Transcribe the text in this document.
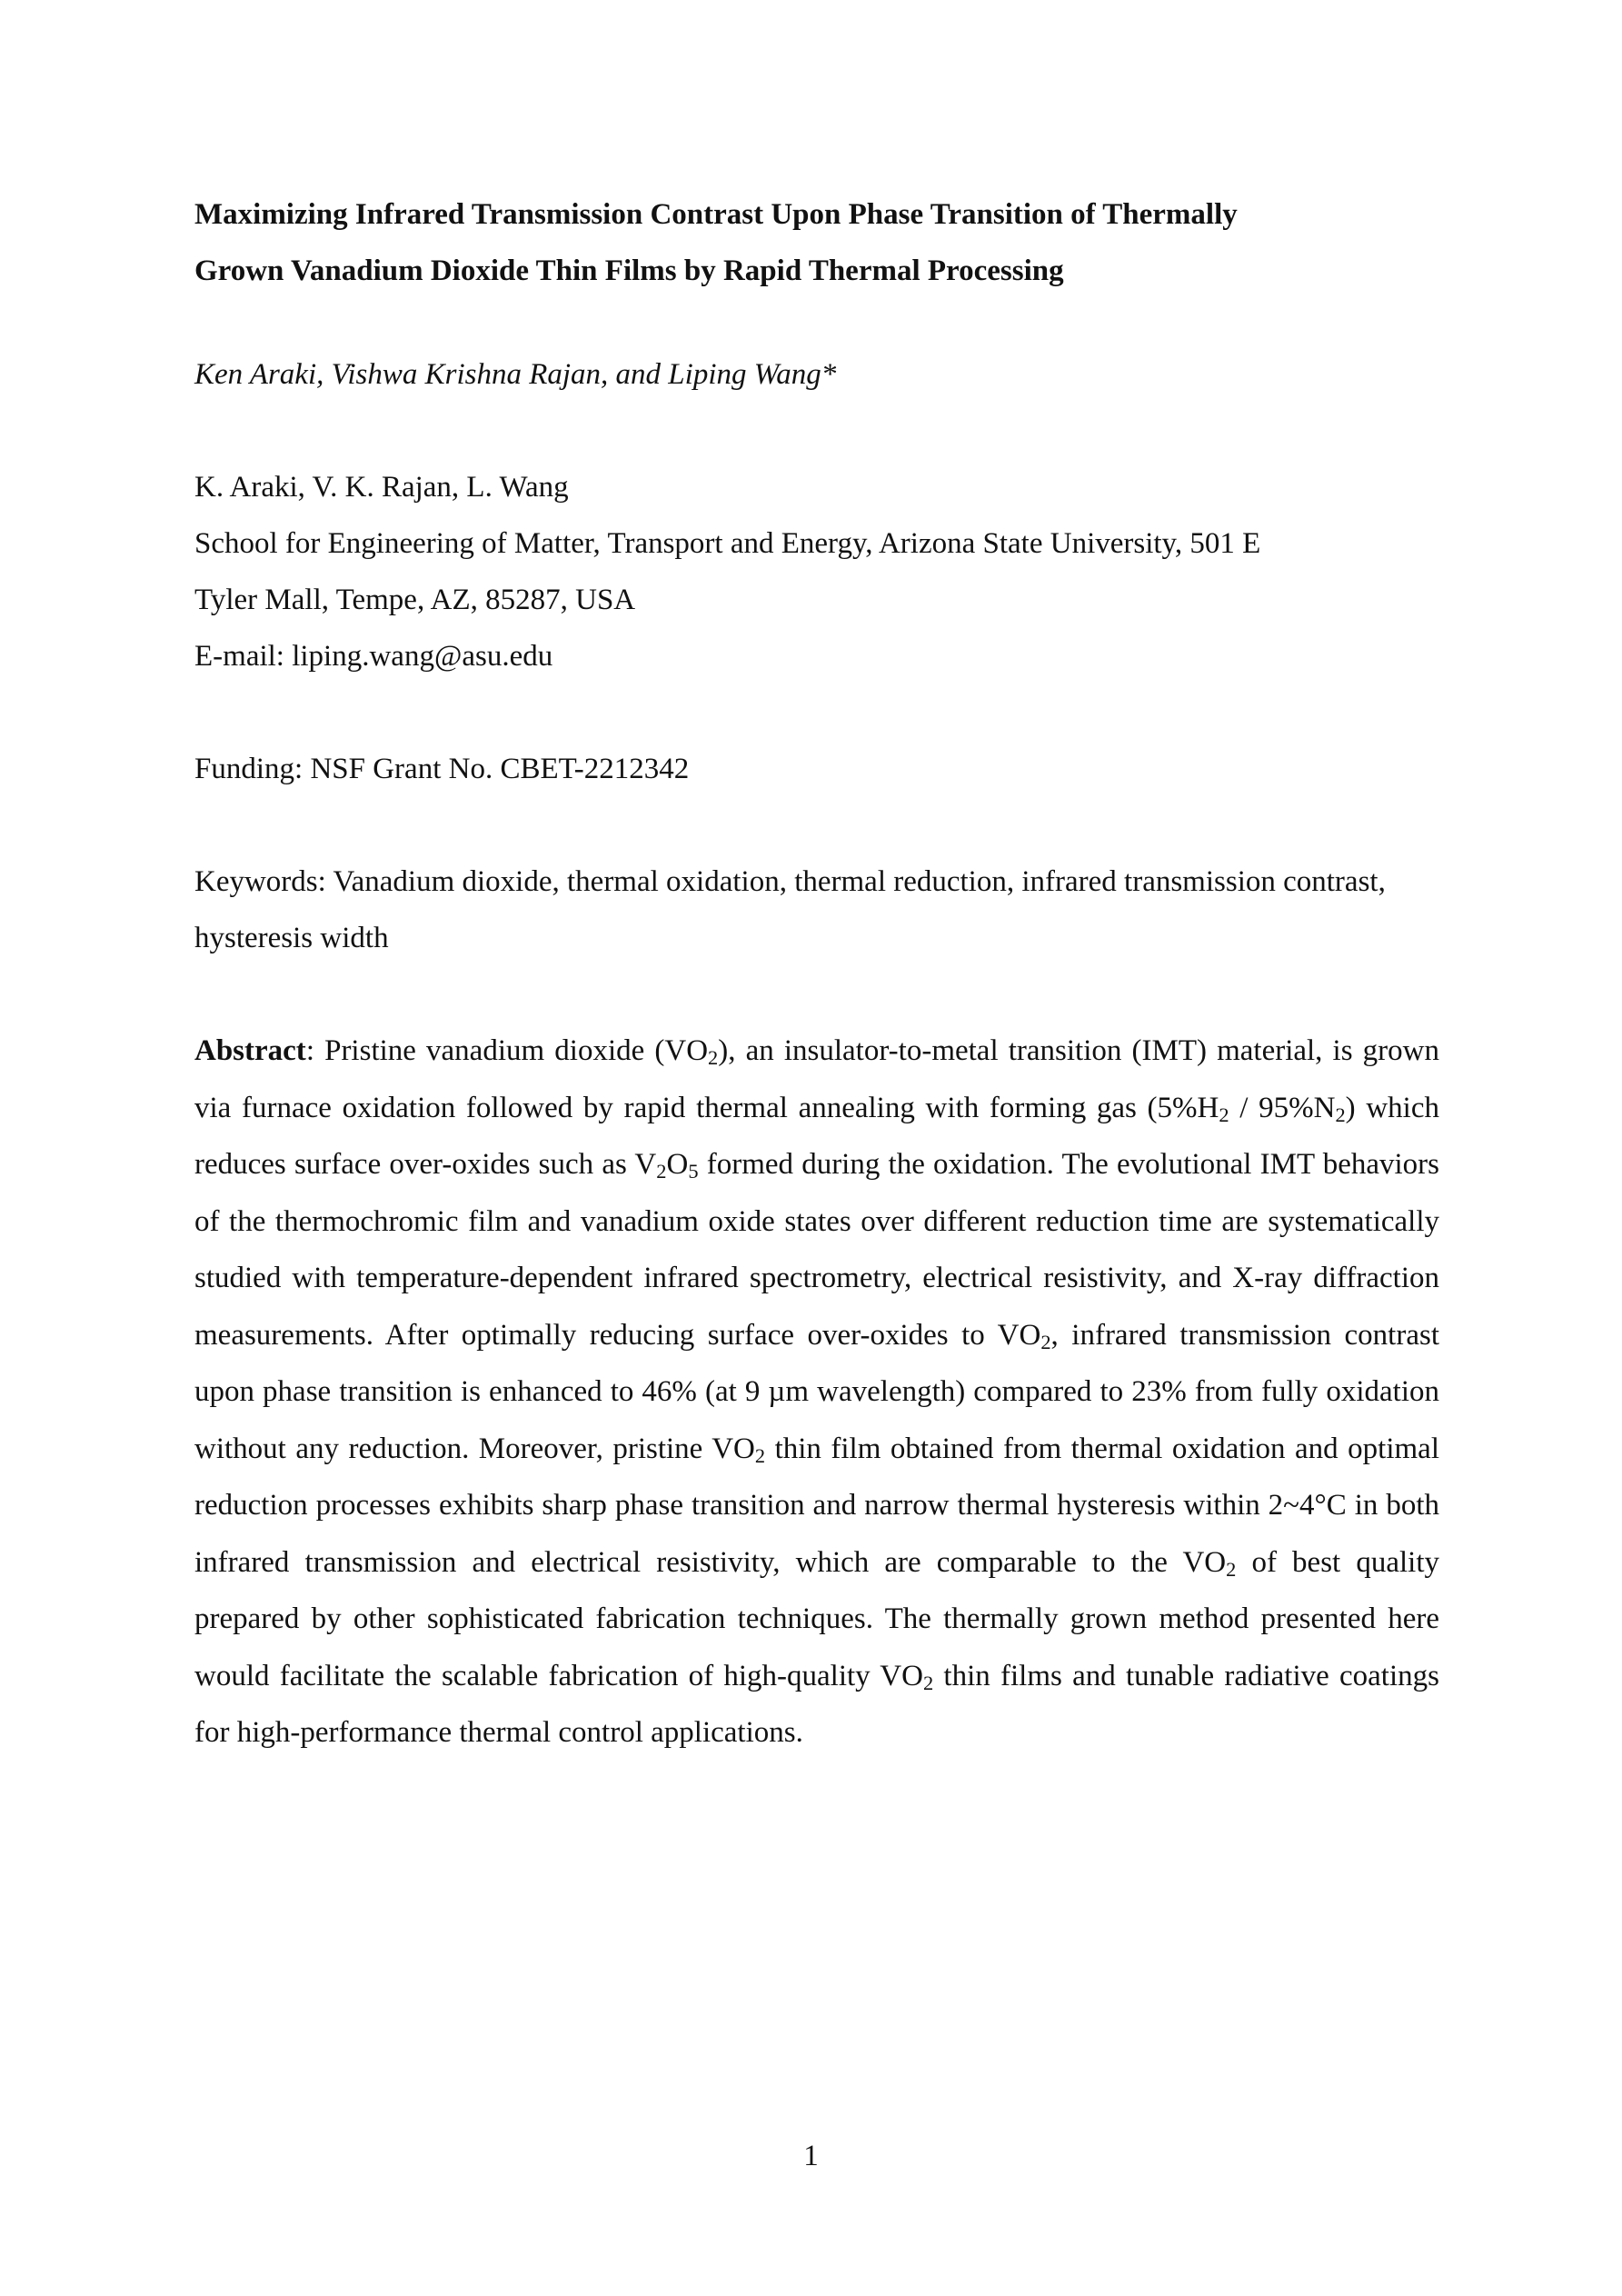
Maximizing Infrared Transmission Contrast Upon Phase Transition of Thermally
Grown Vanadium Dioxide Thin Films by Rapid Thermal Processing
Ken Araki, Vishwa Krishna Rajan, and Liping Wang*
K. Araki, V. K. Rajan, L. Wang
School for Engineering of Matter, Transport and Energy, Arizona State University, 501 E
Tyler Mall, Tempe, AZ, 85287, USA
E-mail: liping.wang@asu.edu
Funding: NSF Grant No. CBET-2212342
Keywords: Vanadium dioxide, thermal oxidation, thermal reduction, infrared transmission contrast, hysteresis width
Abstract: Pristine vanadium dioxide $(VO_2)$, an insulator-to-metal transition (IMT) material, is grown via furnace oxidation followed by rapid thermal annealing with forming gas $(5\%H_2 / 95\%N_2)$ which reduces surface over-oxides such as $V_2O_5$ formed during the oxidation. The evolutional IMT behaviors of the thermochromic film and vanadium oxide states over different reduction time are systematically studied with temperature-dependent infrared spectrometry, electrical resistivity, and X-ray diffraction measurements. After optimally reducing surface over-oxides to $VO_2$, infrared transmission contrast upon phase transition is enhanced to 46% (at 9 µm wavelength) compared to 23% from fully oxidation without any reduction. Moreover, pristine $VO_2$ thin film obtained from thermal oxidation and optimal reduction processes exhibits sharp phase transition and narrow thermal hysteresis within 2~4°C in both infrared transmission and electrical resistivity, which are comparable to the $VO_2$ of best quality prepared by other sophisticated fabrication techniques. The thermally grown method presented here would facilitate the scalable fabrication of high-quality $VO_2$ thin films and tunable radiative coatings for high-performance thermal control applications.
1
